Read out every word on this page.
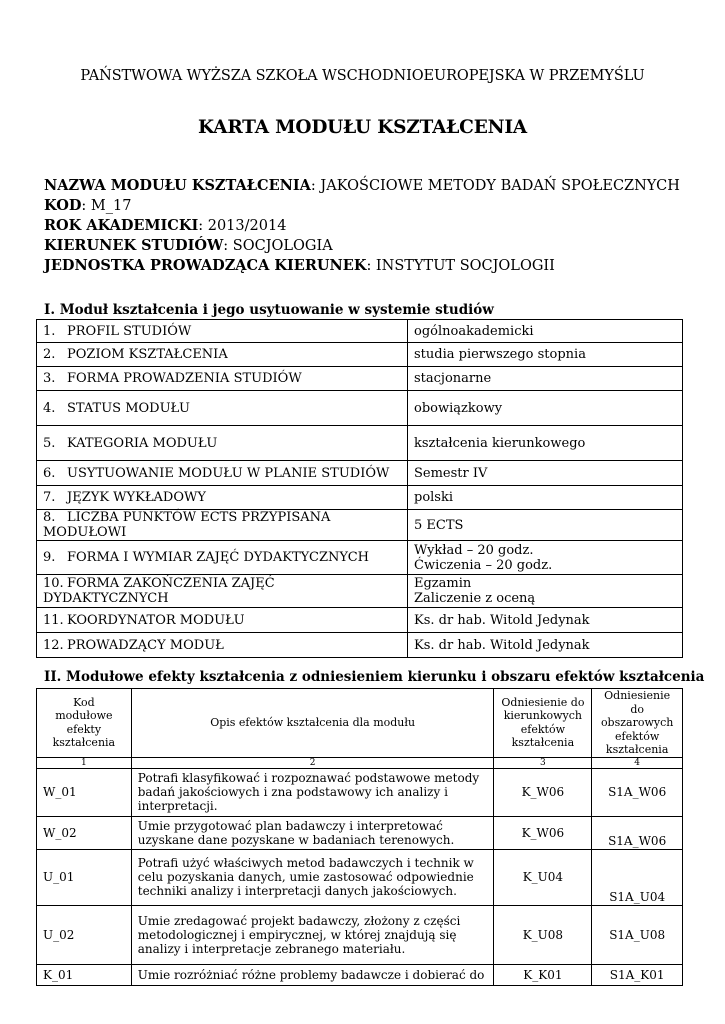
PAŃSTWOWA WYŻSZA SZKOŁA WSCHODNIOEUROPEJSKA W PRZEMYŚLU
KARTA MODUŁU KSZTAŁCENIA
NAZWA MODUŁU KSZTAŁCENIA: JAKOŚCIOWE METODY BADAŃ SPOŁECZNYCH
KOD: M_17
ROK AKADEMICKI: 2013/2014
KIERUNEK STUDIÓW: SOCJOLOGIA
JEDNOSTKA PROWADZĄCA KIERUNEK: INSTYTUT SOCJOLOGII
I. Moduł kształcenia i jego usytuowanie w systemie studiów
1. PROFIL STUDIÓW	ogólnoakademicki
2. POZIOM KSZTAŁCENIA	studia pierwszego stopnia
3. FORMA PROWADZENIA STUDIÓW	stacjonarne
4. STATUS MODUŁU	obowiązkowy
5. KATEGORIA MODUŁU	kształcenia kierunkowego
6. USYTUOWANIE MODUŁU W PLANIE STUDIÓW	Semestr IV
7. JĘZYK WYKŁADOWY	polski
8. LICZBA PUNKTÓW ECTS PRZYPISANA MODUŁOWI	5 ECTS
9. FORMA I WYMIAR ZAJĘĆ DYDAKTYCZNYCH	Wykład – 20 godz.
Ćwiczenia – 20 godz.

10. FORMA ZAKOŃCZENIA ZAJĘĆ DYDAKTYCZNYCH	Egzamin
Zaliczenie z oceną

11. KOORDYNATOR MODUŁU	Ks. dr hab. Witold Jedynak
12. PROWADZĄCY MODUŁ	Ks. dr hab. Witold Jedynak
II. Modułowe efekty kształcenia z odniesieniem kierunku i obszaru efektów kształcenia
Kod modułowe efekty kształcenia	Opis efektów kształcenia dla modułu	Odniesienie do kierunkowych efektów kształcenia	Odniesienie do obszarowych efektów kształcenia
1	2	3	4
W_01	Potrafi klasyfikować i rozpoznawać podstawowe metody badań jakościowych i zna podstawowy ich analizy i interpretacji.	K_W06	S1A_W06
W_02	Umie przygotować plan badawczy i interpretować uzyskane dane pozyskane w badaniach terenowych.	K_W06	S1A_W06
U_01	Potrafi użyć właściwych metod badawczych i technik w celu pozyskania danych, umie zastosować odpowiednie techniki analizy i interpretacji danych jakościowych.	K_U04	S1A_U04
U_02	Umie zredagować projekt badawczy, złożony z części metodologicznej i empirycznej, w której znajdują się analizy i interpretacje zebranego materiału.	K_U08	S1A_U08
K_01	Umie rozróżniać różne problemy badawcze i dobierać do	K_K01	S1A_K01
